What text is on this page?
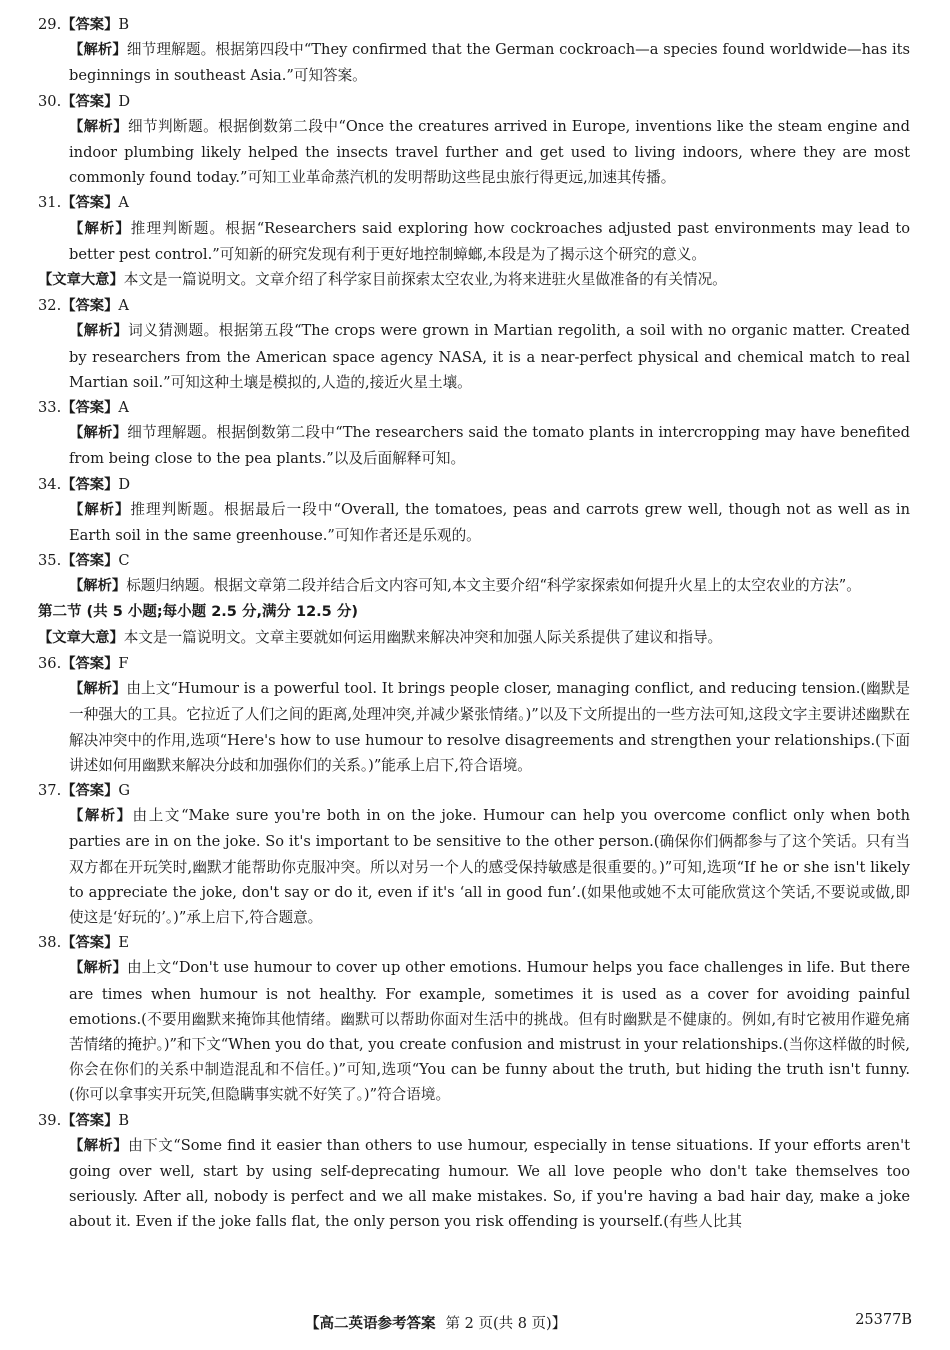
29.【答案】B

【解析】细节理解题。根据第四段中“They confirmed that the German cockroach—a species found worldwide—has its beginnings in southeast Asia.”可知答案。

30.【答案】D

【解析】细节判断题。根据倒数第二段中“Once the creatures arrived in Europe, inventions like the steam engine and indoor plumbing likely helped the insects travel further and get used to living indoors, where they are most commonly found today.”可知工业革命蒸汽机的发明帮助这些昆虫旅行得更远,加速其传播。

31.【答案】A

【解析】推理判断题。根据“Researchers said exploring how cockroaches adjusted past environments may lead to better pest control.”可知新的研究发现有利于更好地控制蟑螂,本段是为了揭示这个研究的意义。

【文章大意】本文是一篇说明文。文章介绍了科学家目前探索太空农业,为将来进驻火星做准备的有关情况。

32.【答案】A

【解析】词义猜测题。根据第五段“The crops were grown in Martian regolith, a soil with no organic matter. Created by researchers from the American space agency NASA, it is a near-perfect physical and chemical match to real Martian soil.”可知这种土壤是模拟的,人造的,接近火星土壤。

33.【答案】A

【解析】细节理解题。根据倒数第二段中“The researchers said the tomato plants in intercropping may have benefited from being close to the pea plants.”以及后面解释可知。

34.【答案】D

【解析】推理判断题。根据最后一段中“Overall, the tomatoes, peas and carrots grew well, though not as well as in Earth soil in the same greenhouse.”可知作者还是乐观的。

35.【答案】C

【解析】标题归纳题。根据文章第二段并结合后文内容可知,本文主要介绍“科学家探索如何提升火星上的太空农业的方法”。

第二节 (共 5 小题;每小题 2.5 分,满分 12.5 分)

【文章大意】本文是一篇说明文。文章主要就如何运用幽默来解决冲突和加强人际关系提供了建议和指导。

36.【答案】F

【解析】由上文“Humour is a powerful tool. It brings people closer, managing conflict, and reducing tension.(幽默是一种强大的工具。它拉近了人们之间的距离,处理冲突,并减少紧张情绪。)”以及下文所提出的一些方法可知,这段文字主要讲述幽默在解决冲突中的作用,选项“Here's how to use humour to resolve disagreements and strengthen your relationships.(下面讲述如何用幽默来解决分歧和加强你们的关系。)”能承上启下,符合语境。

37.【答案】G

【解析】由上文“Make sure you're both in on the joke. Humour can help you overcome conflict only when both parties are in on the joke. So it's important to be sensitive to the other person.(确保你们俩都参与了这个笑话。只有当双方都在开玩笑时,幽默才能帮助你克服冲突。所以对另一个人的感受保持敏感是很重要的。)”可知,选项“If he or she isn't likely to appreciate the joke, don't say or do it, even if it's ‘all in good fun’.(如果他或她不太可能欣赏这个笑话,不要说或做,即使这是‘好玩的’。)”承上启下,符合题意。

38.【答案】E

【解析】由上文“Don't use humour to cover up other emotions. Humour helps you face challenges in life. But there are times when humour is not healthy. For example, sometimes it is used as a cover for avoiding painful emotions.(不要用幽默来掩饰其他情绪。幽默可以帮助你面对生活中的挑战。但有时幽默是不健康的。例如,有时它被用作避免痛苦情绪的掩护。)”和下文“When you do that, you create confusion and mistrust in your relationships.(当你这样做的时候,你会在你们的关系中制造混乱和不信任。)”可知,选项“You can be funny about the truth, but hiding the truth isn't funny.(你可以拿事实开玩笑,但隐瞒事实就不好笑了。)”符合语境。

39.【答案】B

【解析】由下文“Some find it easier than others to use humour, especially in tense situations. If your efforts aren't going over well, start by using self-deprecating humour. We all love people who don't take themselves too seriously. After all, nobody is perfect and we all make mistakes. So, if you're having a bad hair day, make a joke about it. Even if the joke falls flat, the only person you risk offending is yourself.(有些人比其

【高二英语参考答案 第 2 页(共 8 页)】	25377B
